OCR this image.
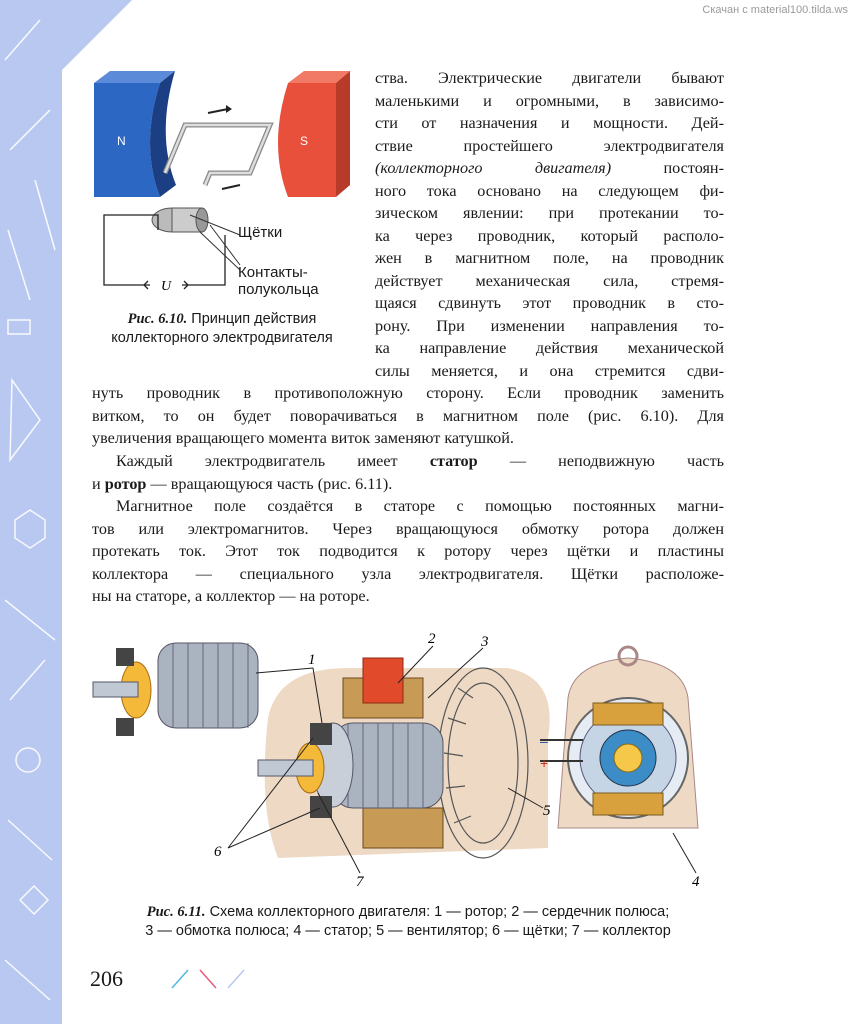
Скачан с material100.tilda.ws
N	S
U
Щётки
Контакты-
полукольца
Рис. 6.10. Принцип действия
коллекторного электродвигателя
ства. Электрические двигатели бывают
маленькими и огромными, в зависимо-
сти от назначения и мощности. Дей-
ствие простейшего электродвигателя
(коллекторного двигателя)	постоян-
ного тока основано на следующем фи-
зическом явлении: при протекании то-
ка через проводник, который располо-
жен в магнитном поле, на проводник
действует механическая сила, стремя-
щаяся сдвинуть этот проводник в сто-
рону. При изменении направления то-
ка направление действия механической
силы меняется, и она стремится сдви-
нуть проводник в противоположную сторону. Если проводник заменить
витком, то он будет поворачиваться в магнитном поле (рис. 6.10). Для
увеличения вращающего момента виток заменяют катушкой.
Каждый электродвигатель имеет статор — неподвижную часть
и ротор — вращающуюся часть (рис. 6.11).
Магнитное поле создаётся в статоре с помощью постоянных магни-
тов или электромагнитов. Через вращающуюся обмотку ротора должен
протекать ток. Этот ток подводится к ротору через щётки и пластины
коллектора — специального узла электродвигателя. Щётки расположе-
ны на статоре, а коллектор — на роторе.
1
2	3
4
5
6
7
–
+
Рис. 6.11. Схема коллекторного двигателя: 1 — ротор; 2 — сердечник полюса;
3 — обмотка полюса; 4 — статор; 5 — вентилятор; 6 — щётки; 7 — коллектор
206
